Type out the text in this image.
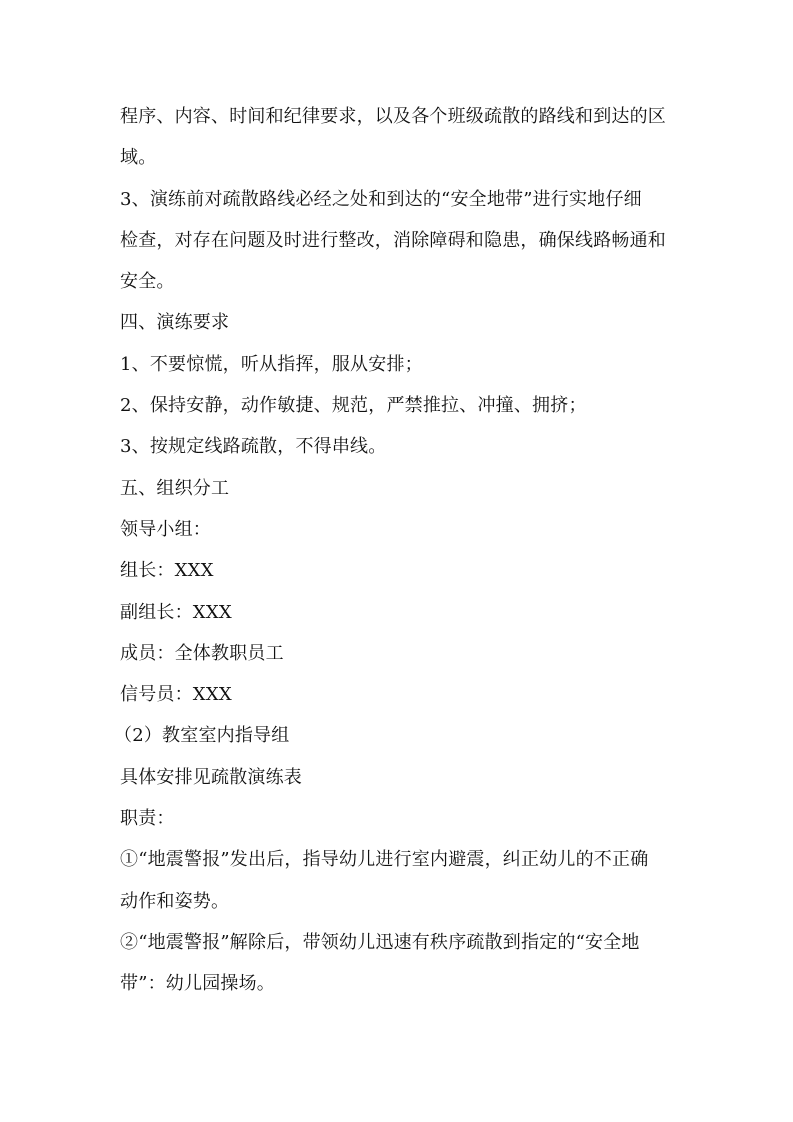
程序、内容、时间和纪律要求，以及各个班级疏散的路线和到达的区
域。
3、演练前对疏散路线必经之处和到达的“安全地带”进行实地仔细
检查，对存在问题及时进行整改，消除障碍和隐患，确保线路畅通和
安全。
四、演练要求
1、不要惊慌，听从指挥，服从安排；
2、保持安静，动作敏捷、规范，严禁推拉、冲撞、拥挤；
3、按规定线路疏散，不得串线。
五、组织分工
领导小组：
组长：XXX
副组长：XXX
成员：全体教职员工
信号员：XXX
（2）教室室内指导组
具体安排见疏散演练表
职责：
①“地震警报”发出后，指导幼儿进行室内避震，纠正幼儿的不正确
动作和姿势。
②“地震警报”解除后，带领幼儿迅速有秩序疏散到指定的“安全地
带”：幼儿园操场。
